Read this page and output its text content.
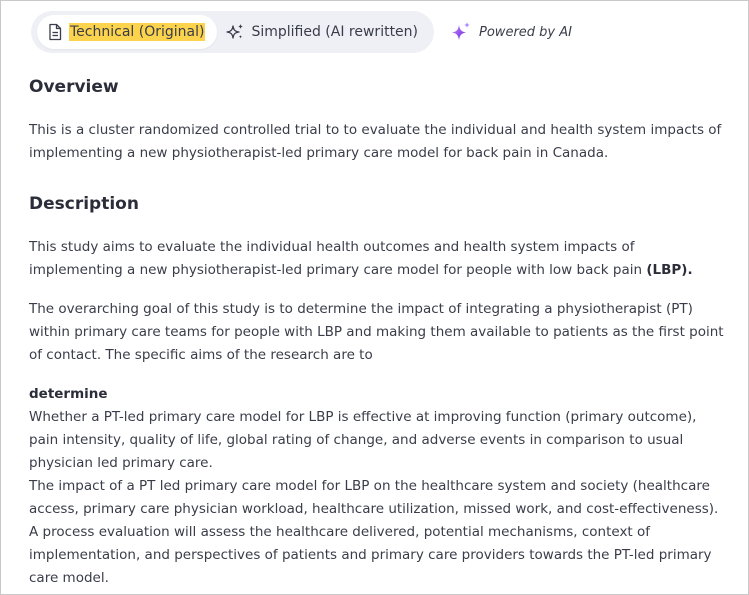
Technical (Original)	Simplified (AI rewritten)	Powered by AI
Overview

This is a cluster randomized controlled trial to to evaluate the individual and health system impacts of implementing a new physiotherapist-led primary care model for back pain in Canada.

Description

This study aims to evaluate the individual health outcomes and health system impacts of implementing a new physiotherapist-led primary care model for people with low back pain (LBP).

The overarching goal of this study is to determine the impact of integrating a physiotherapist (PT) within primary care teams for people with LBP and making them available to patients as the first point of contact. The specific aims of the research are to

determine

Whether a PT-led primary care model for LBP is effective at improving function (primary outcome), pain intensity, quality of life, global rating of change, and adverse events in comparison to usual physician led primary care.

The impact of a PT led primary care model for LBP on the healthcare system and society (healthcare access, primary care physician workload, healthcare utilization, missed work, and cost-effectiveness). A process evaluation will assess the healthcare delivered, potential mechanisms, context of implementation, and perspectives of patients and primary care providers towards the PT-led primary care model.
